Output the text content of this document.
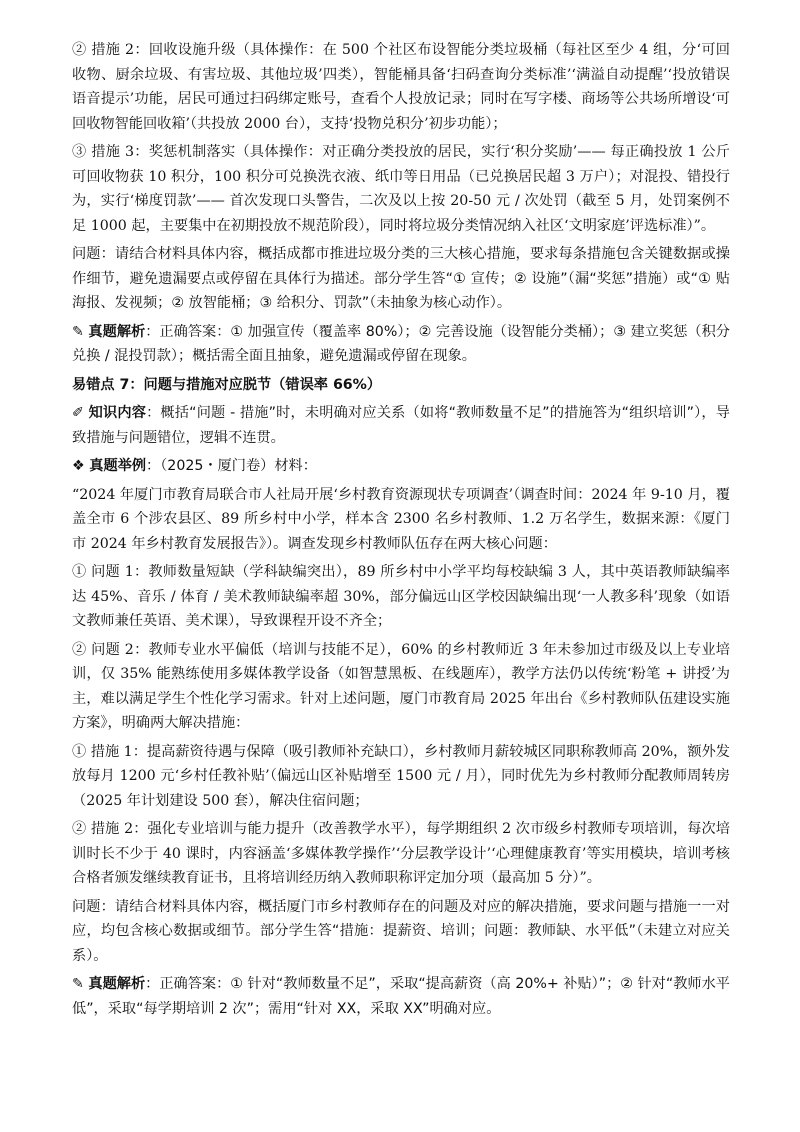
② 措施 2：回收设施升级（具体操作：在 500 个社区布设智能分类垃圾桶（每社区至少 4 组，分‘可回收物、厨余垃圾、有害垃圾、其他垃圾’四类），智能桶具备‘扫码查询分类标准’‘满溢自动提醒’‘投放错误语音提示’功能，居民可通过扫码绑定账号，查看个人投放记录；同时在写字楼、商场等公共场所增设‘可回收物智能回收箱’（共投放 2000 台），支持‘投物兑积分’初步功能）；

③ 措施 3：奖惩机制落实（具体操作：对正确分类投放的居民，实行‘积分奖励’—— 每正确投放 1 公斤可回收物获 10 积分，100 积分可兑换洗衣液、纸巾等日用品（已兑换居民超 3 万户）；对混投、错投行为，实行‘梯度罚款’—— 首次发现口头警告，二次及以上按 20-50 元 / 次处罚（截至 5 月，处罚案例不足 1000 起，主要集中在初期投放不规范阶段），同时将垃圾分类情况纳入社区‘文明家庭’评选标准）”。

问题：请结合材料具体内容，概括成都市推进垃圾分类的三大核心措施，要求每条措施包含关键数据或操作细节，避免遗漏要点或停留在具体行为描述。部分学生答“① 宣传；② 设施”（漏“奖惩”措施）或“① 贴海报、发视频；② 放智能桶；③ 给积分、罚款”（未抽象为核心动作）。

✎ 真题解析：正确答案：① 加强宣传（覆盖率 80%）；② 完善设施（设智能分类桶）；③ 建立奖惩（积分兑换 / 混投罚款）；概括需全面且抽象，避免遗漏或停留在现象。

易错点 7：问题与措施对应脱节（错误率 66%）

✐ 知识内容：概括“问题 - 措施”时，未明确对应关系（如将“教师数量不足”的措施答为“组织培训”），导致措施与问题错位，逻辑不连贯。

❖ 真题举例：（2025・厦门卷）材料：

“2024 年厦门市教育局联合市人社局开展‘乡村教育资源现状专项调查’（调查时间：2024 年 9-10 月，覆盖全市 6 个涉农县区、89 所乡村中小学，样本含 2300 名乡村教师、1.2 万名学生，数据来源：《厦门市 2024 年乡村教育发展报告》）。调查发现乡村教师队伍存在两大核心问题：

① 问题 1：教师数量短缺（学科缺编突出），89 所乡村中小学平均每校缺编 3 人，其中英语教师缺编率达 45%、音乐 / 体育 / 美术教师缺编率超 30%，部分偏远山区学校因缺编出现‘一人教多科’现象（如语文教师兼任英语、美术课），导致课程开设不齐全；

② 问题 2：教师专业水平偏低（培训与技能不足），60% 的乡村教师近 3 年未参加过市级及以上专业培训，仅 35% 能熟练使用多媒体教学设备（如智慧黑板、在线题库），教学方法仍以传统‘粉笔 + 讲授’为主，难以满足学生个性化学习需求。针对上述问题，厦门市教育局 2025 年出台《乡村教师队伍建设实施方案》，明确两大解决措施：

① 措施 1：提高薪资待遇与保障（吸引教师补充缺口），乡村教师月薪较城区同职称教师高 20%，额外发放每月 1200 元‘乡村任教补贴’（偏远山区补贴增至 1500 元 / 月），同时优先为乡村教师分配教师周转房（2025 年计划建设 500 套），解决住宿问题；

② 措施 2：强化专业培训与能力提升（改善教学水平），每学期组织 2 次市级乡村教师专项培训，每次培训时长不少于 40 课时，内容涵盖‘多媒体教学操作’‘分层教学设计’‘心理健康教育’等实用模块，培训考核合格者颁发继续教育证书，且将培训经历纳入教师职称评定加分项（最高加 5 分）”。

问题：请结合材料具体内容，概括厦门市乡村教师存在的问题及对应的解决措施，要求问题与措施一一对应，均包含核心数据或细节。部分学生答“措施：提薪资、培训；问题：教师缺、水平低”（未建立对应关系）。

✎ 真题解析：正确答案：① 针对“教师数量不足”，采取“提高薪资（高 20%+ 补贴）”；② 针对“教师水平低”，采取“每学期培训 2 次”；需用“针对 XX，采取 XX”明确对应。
